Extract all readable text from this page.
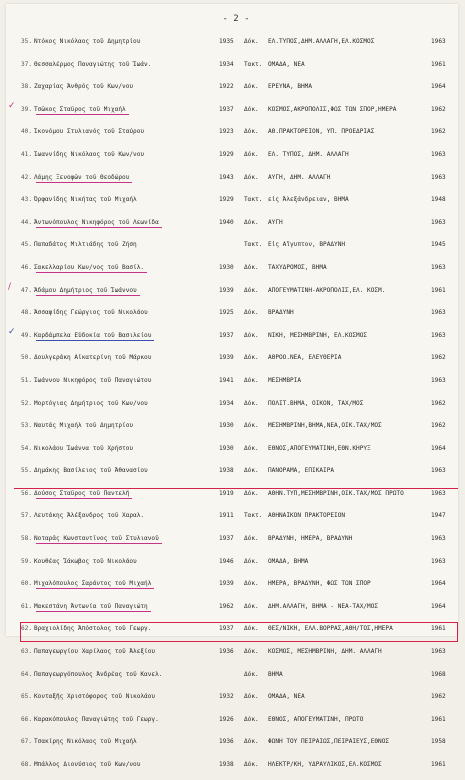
- 2 -
35. Ντόκος Νικόλαος τοῦ Δημητρίου	1935	Δόκ.	ΕΛ.ΤΥΠΟΣ,ΔΗΜ.ΑΛΛΑΓΗ,ΕΛ.ΚΟΣΜΟΣ	1963
37. Θεσσαλέρμος Παναγιώτης τοῦ Ἰωάν.	1934	Τακτ. ΟΜΑΔΑ, ΝΕΑ	1961
38. Ζαχαρίας Ἀνθρός τοῦ Κων/νου	1922	Δόκ.	ΕΡΕΥΝΑ, ΒΗΜΑ	1964
39. Τσῶκος Σταῦρος τοῦ Μιχαήλ	1937	Δόκ.	ΚΟΣΜΟΣ,ΑΚΡΟΠΟΛΙΣ,ΦΩΣ ΤΩΝ ΣΠΟΡ,ΗΜΕΡΑ	1962
✓
40. Ἰκονόμου Στυλιανός τοῦ Σταύρου	1923	Δόκ.	ΑΘ.ΠΡΑΚΤΟΡΕΙΟΝ, ΥΠ. ΠΡΟΕΔΡΙΑΣ	1962
41. Ἰωαννίδης Νικόλαος τοῦ Κων/νου	1929	Δόκ.	ΕΛ. ΤΥΠΟΣ, ΔΗΜ. ΑΛΛΑΓΗ	1963
42. Λάμης Ξενοφῶν τοῦ Θεοδώρου	1943	Δόκ.	ΑΥΓΗ, ΔΗΜ. ΑΛΛΑΓΗ	1963
43. Ὀρφανίδης Νικήτας τοῦ Μιχαήλ	1929	Τακτ. εἰς Ἀλεξάνδρειαν, ΒΗΜΑ	1948
44. Ἀντωνόπουλος Νικηφόρος τοῦ Λεωνίδα	1940	Δόκ.	ΑΥΓΗ	1963
45. Παπαδάτος Μιλτιάδης τοῦ Ζήση	Τακτ. Εἰς Αἴγυπτον, ΒΡΑΔΥΝΗ	1945
46. Σακελλαρίου Κων/νος τοῦ Βασίλ.	1930	Δόκ.	ΤΑΧΥΔΡΟΜΟΣ, ΒΗΜΑ	1963
47. Ἀδάμου Δημήτριος τοῦ Ἰωάννου	1939	Δόκ.	ΑΠΟΓΕΥΜΑΤΙΝΗ-ΑΚΡΟΠΟΛΙΣ,ΕΛ. ΚΟΣΜ.	1961
/
48. Ἀσσαφίδης Γεώργιος τοῦ Νικολάου	1925	Δόκ.	ΒΡΑΔΥΝΗ	1963
49. Καρδάμπελα Εὐδοκία τοῦ Βασιλείου	1937	Δόκ.	ΝΙΚΗ, ΜΕΣΗΜΒΡΙΝΗ, ΕΛ.ΚΟΣΜΟΣ	1963
✓
50. Δουλγεράκη Αἰκατερίνη τοῦ Μάρκου	1939	Δόκ.	ΑΘΡΟΟ.ΝΕΑ, ΕΛΕΥΘΕΡΙΑ	1962
51. Ἰωάννου Νικηφόρος τοῦ Παναγιώτου	1941	Δόκ.	ΜΕΣΗΜΒΡΙΑ	1963
52. Μορτόγιας Δημήτριος τοῦ Κων/νου	1934	Δόκ.	ΠΟΛΙΤ.ΒΗΜΑ, ΟΙΚΟΝ, ΤΑΧ/ΜΟΣ	1962
53. Ναυτάς Μιχαήλ τοῦ Δημητρίου	1930	Δόκ.	ΜΕΣΗΜΒΡΙΝΗ,ΒΗΜΑ,ΝΕΑ,ΟΙΚ.ΤΑΧ/ΜΟΣ	1962
54. Νικολάου Ἰωάννα τοῦ Χρήστου	1930	Δόκ.	ΕΘΝΟΣ,ΑΠΟΓΕΥΜΑΤΙΝΗ,ΕΘΝ.ΚΗΡΥΞ	1964
55. Δημάκης Βασίλειος τοῦ Ἀθανασίου	1938	Δόκ.	ΠΑΝΟΡΑΜΑ, ΕΠΙΚΑΙΡΑ	1963
56. Δούσος Σταῦρος τοῦ Παντελῆ	1919	Δόκ.	ΑΘΗΝ.ΤΥΠ,ΜΕΣΗΜΒΡΙΝΗ,ΟΙΚ.ΤΑΧ/ΜΟΣ ΠΡΩΤΟ	1963
57. Λευτάκης Ἀλέξανδρος τοῦ Χαραλ.	1911	Τακτ. ΑΘΗΝΑΪΚΟΝ ΠΡΑΚΤΟΡΕΙΟΝ	1947
58. Νοταρᾶς Κωνσταντῖνος τοῦ Στυλιανοῦ	1937	Δόκ.	ΒΡΑΔΥΝΗ, ΗΜΕΡΑ, ΒΡΑΔΥΝΗ	1963
59. Κουθέας Ἰάκωβος τοῦ Νικολάου	1946	Δόκ.	ΟΜΑΔΑ, ΒΗΜΑ	1963
60. Μιχαλόπουλος Σαράντος τοῦ Μιχαήλ	1939	Δόκ.	ΗΜΕΡΑ, ΒΡΑΔΥΝΗ, ΦΩΣ ΤΩΝ ΣΠΟΡ	1964
61. Μακεστάνη Ἀντωνία τοῦ Παναγιώτη	1962	Δόκ.	ΔΗΜ.ΑΛΛΑΓΗ, ΒΗΜΑ - ΝΕΑ-ΤΑΧ/ΜΟΣ	1964
62. Βραχιολίδης Ἀπόστολος τοῦ Γεωργ.	1937	Δόκ.	ΘΕΣ/ΝΙΚΗ, ΕΛΛ.ΒΟΡΡΑΣ,ΑΘΗ/ΤΟΣ,ΗΜΕΡΑ	1961
63. Παπαγεωργίου Χαρίλαος τοῦ Ἀλεξίου	1936	Δόκ.	ΚΟΣΜΟΣ, ΜΕΣΗΜΒΡΙΝΗ, ΔΗΜ. ΑΛΛΑΓΗ	1963
64. Παπαγεωργόπουλος Ἀνδρέας τοῦ Κανελ.	Δόκ.	ΒΗΜΑ	1968
65. Κονταξῆς Χριστόφορος τοῦ Νικολάου	1932	Δόκ.	ΟΜΑΔΑ, ΝΕΑ	1962
66. Καρακόπουλος Παναγιώτης τοῦ Γεωργ.	1926	Δόκ.	ΕΘΝΟΣ, ΑΠΟΓΕΥΜΑΤΙΝΗ, ΠΡΩΤΟ	1961
67. Τσακίρης Νικόλαος τοῦ Μιχαήλ	1936	Δόκ.	ΦΩΝΗ ΤΟΥ ΠΕΙΡΑΙΩΣ,ΠΕΙΡΑΙΕΥΣ,ΕΘΝΟΣ	1958
68. Μπάλλος Διονύσιος τοῦ Κων/νου	1938	Δόκ.	ΗΛΕΚΤΡ/ΚΗ, ΥΔΡΑΥΛΙΚΟΣ,ΕΛ.ΚΟΣΜΟΣ	1961
